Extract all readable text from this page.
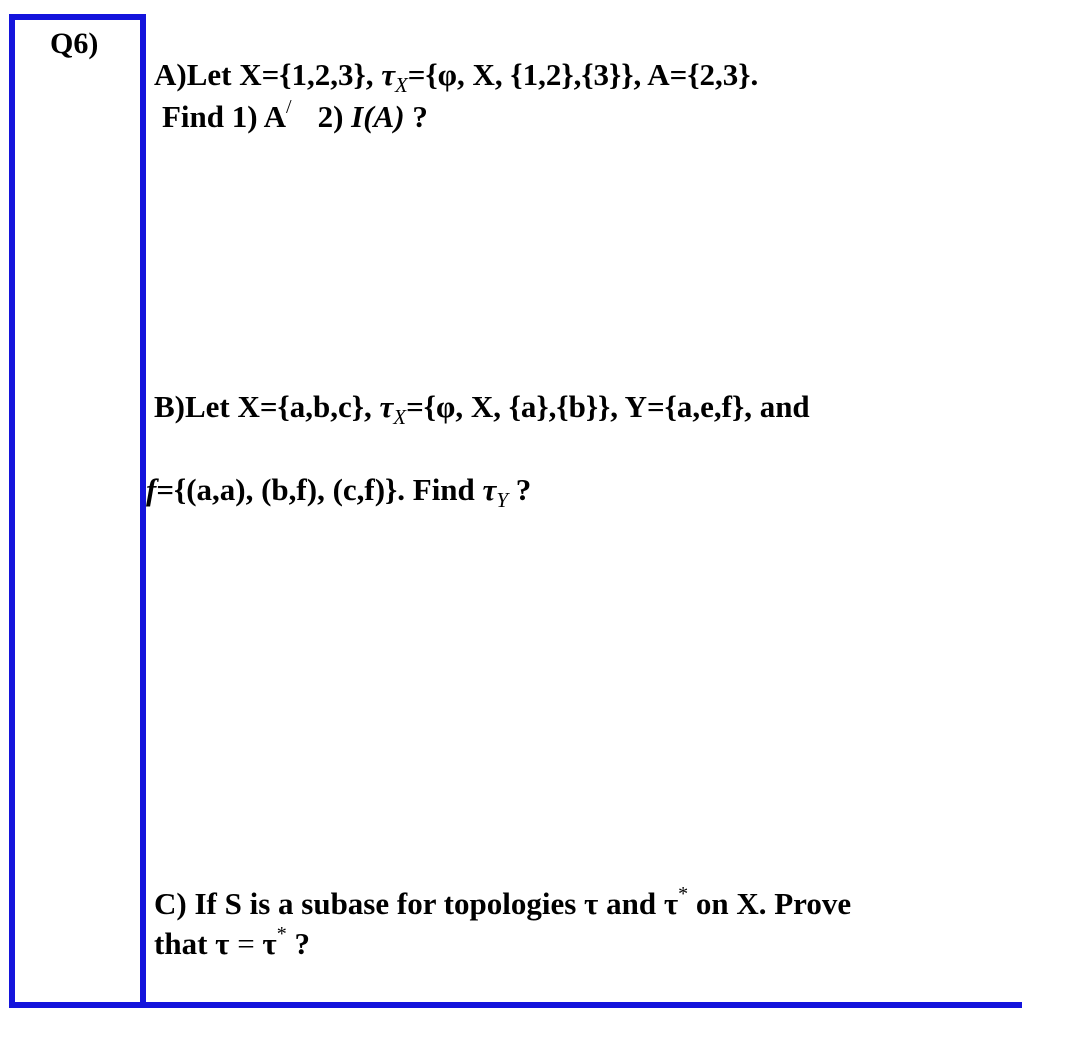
Q6)
A)Let X={1,2,3}, $\tau_X=\{\varphi$, X, {1,2},{3}}, A={2,3}.
Find 1) A/ 2) I(A) ?
B)Let X={a,b,c}, $\tau_X=\{\varphi$, X, {a},{b}}, Y={a,e,f}, and
f={(a,a), (b,f), (c,f)}. Find $\tau_Y$ ?
C) If S is a subase for topologies τ and τ* on X. Prove
that τ = τ* ?
